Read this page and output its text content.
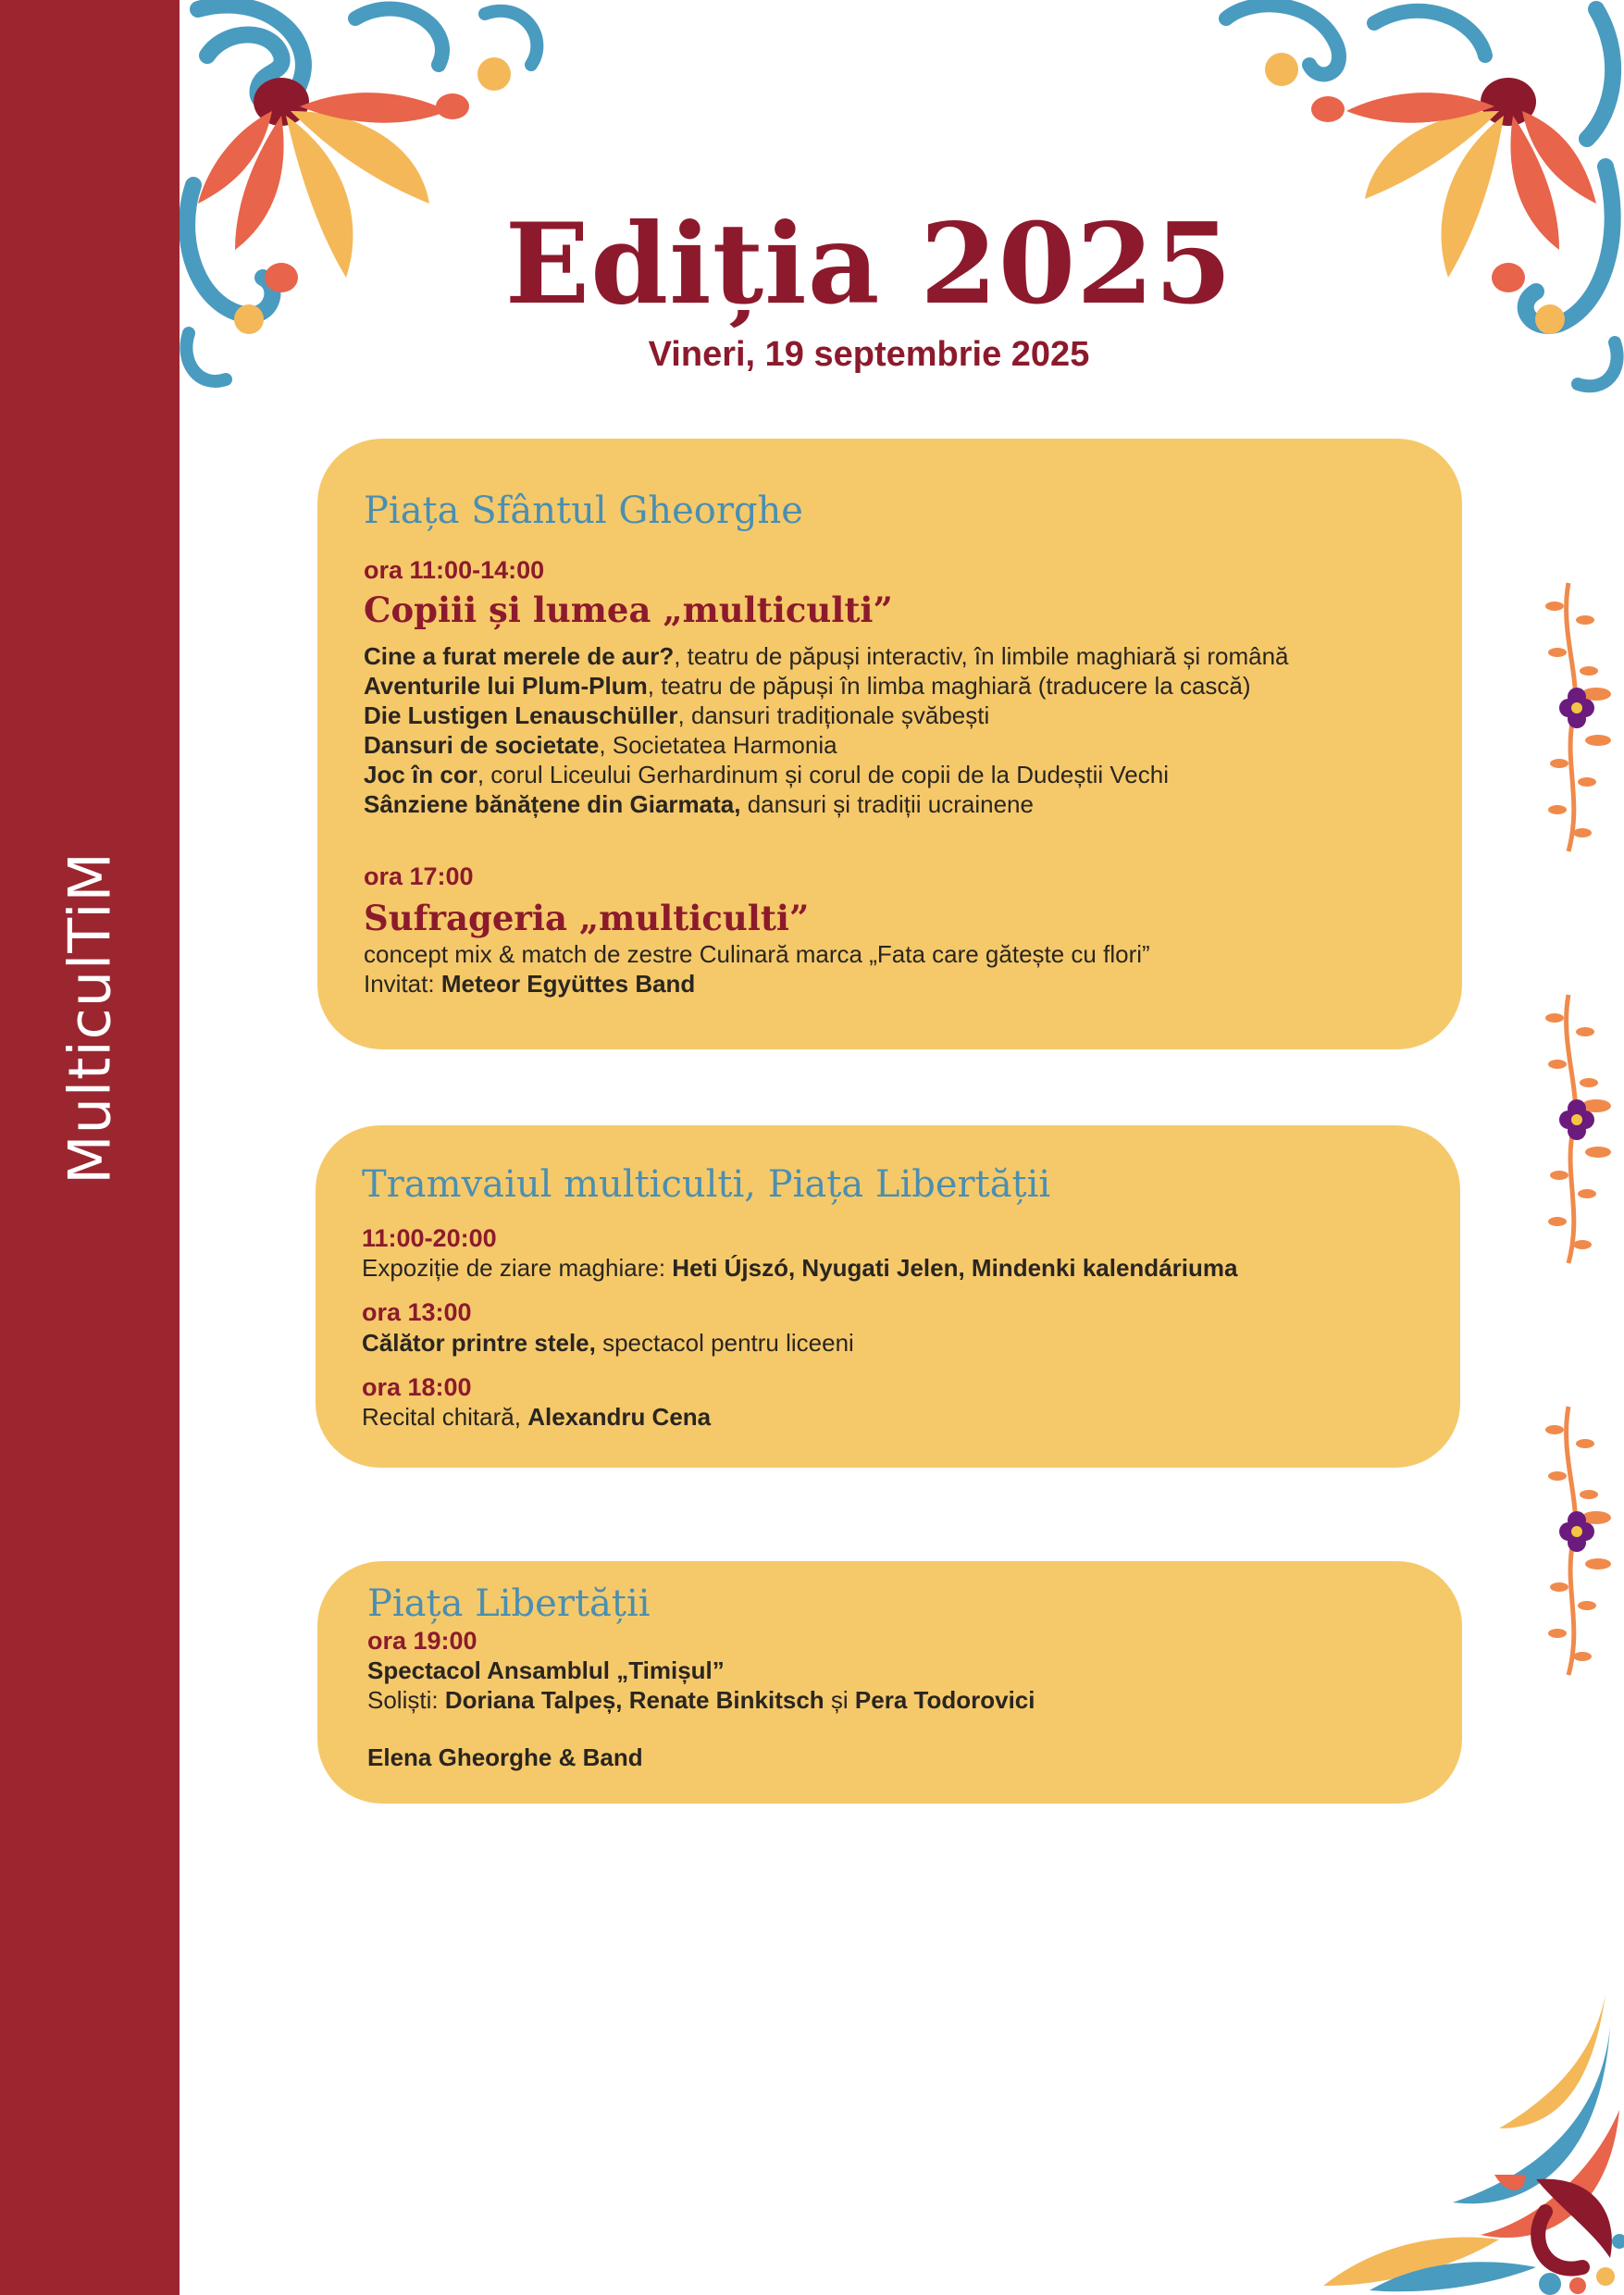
MulticulTiM
Ediția 2025
Vineri, 19 septembrie 2025
Piața Sfântul Gheorghe
ora 11:00-14:00
Copiii și lumea „multiculti”
Cine a furat merele de aur?, teatru de păpuși interactiv, în limbile maghiară și română
Aventurile lui Plum-Plum, teatru de păpuși în limba maghiară (traducere la cască)
Die Lustigen Lenauschüller, dansuri tradiționale șvăbești
Dansuri de societate, Societatea Harmonia
Joc în cor, corul Liceului Gerhardinum și corul de copii de la Dudeștii Vechi
Sânziene bănățene din Giarmata, dansuri și tradiții ucrainene
ora 17:00
Sufrageria „multiculti”
concept mix & match de zestre Culinară marca „Fata care gătește cu flori”
Invitat: Meteor Együttes Band
Tramvaiul multiculti, Piața Libertății
11:00-20:00
Expoziție de ziare maghiare: Heti Újszó, Nyugati Jelen, Mindenki kalendáriuma
ora 13:00
Călător printre stele, spectacol pentru liceeni
ora 18:00
Recital chitară, Alexandru Cena
Piața Libertății
ora 19:00
Spectacol Ansamblul „Timișul”
Soliști: Doriana Talpeș, Renate Binkitsch și Pera Todorovici
Elena Gheorghe & Band
